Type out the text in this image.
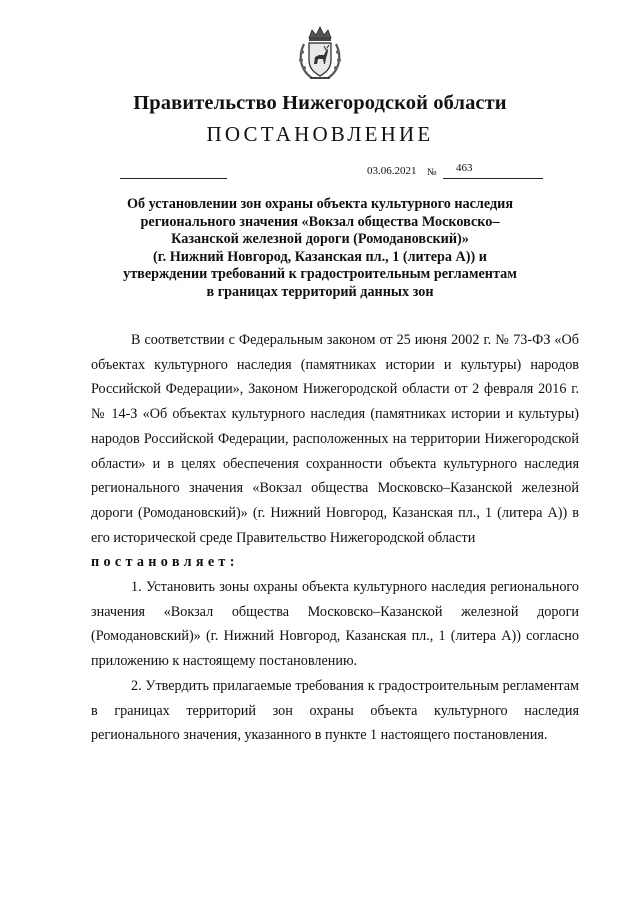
Правительство Нижегородской области
ПОСТАНОВЛЕНИЕ
03.06.2021 № 463
Об установлении зон охраны объекта культурного наследия
регионального значения «Вокзал общества Московско–
Казанской железной дороги (Ромодановский)»
(г. Нижний Новгород, Казанская пл., 1 (литера А)) и
утверждении требований к градостроительным регламентам
в границах территорий данных зон

В соответствии с Федеральным законом от 25 июня 2002 г. № 73-ФЗ «Об объектах культурного наследия (памятниках истории и культуры) народов Российской Федерации», Законом Нижегородской области от 2 февраля 2016 г. № 14-З «Об объектах культурного наследия (памятниках истории и культуры) народов Российской Федерации, расположенных на территории Нижегородской области» и в целях обеспечения сохранности объекта культурного наследия регионального значения «Вокзал общества Московско–Казанской железной дороги (Ромодановский)» (г. Нижний Новгород, Казанская пл., 1 (литера А)) в его исторической среде Правительство Нижегородской области

постановляет:

1. Установить зоны охраны объекта культурного наследия регионального значения «Вокзал общества Московско–Казанской железной дороги (Ромодановский)» (г. Нижний Новгород, Казанская пл., 1 (литера А)) согласно приложению к настоящему постановлению.

2. Утвердить прилагаемые требования к градостроительным регламентам в границах территорий зон охраны объекта культурного наследия регионального значения, указанного в пункте 1 настоящего постановления.
